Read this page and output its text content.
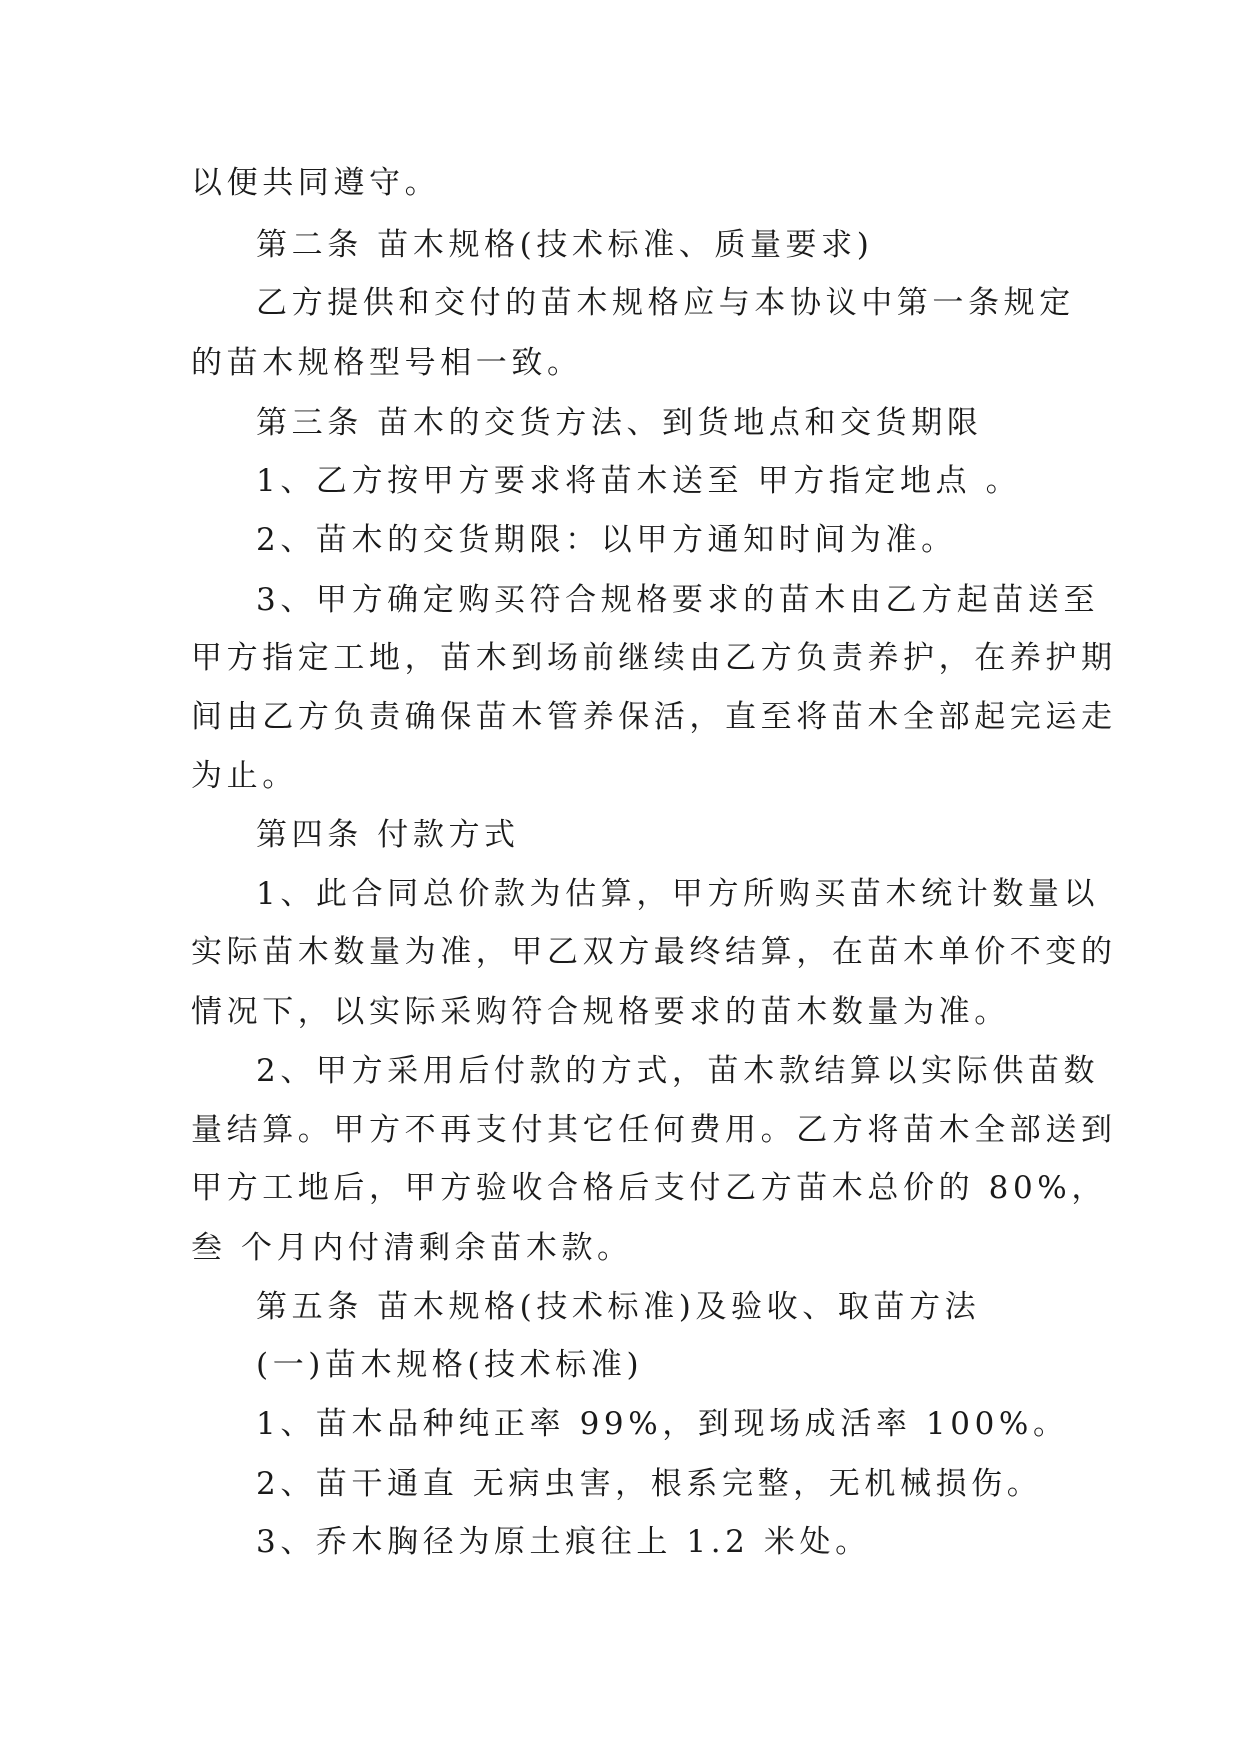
以便共同遵守。
第二条 苗木规格(技术标准、质量要求)
乙方提供和交付的苗木规格应与本协议中第一条规定
的苗木规格型号相一致。
第三条 苗木的交货方法、到货地点和交货期限
1、乙方按甲方要求将苗木送至 甲方指定地点 。
2、苗木的交货期限：以甲方通知时间为准。
3、甲方确定购买符合规格要求的苗木由乙方起苗送至
甲方指定工地，苗木到场前继续由乙方负责养护，在养护期
间由乙方负责确保苗木管养保活，直至将苗木全部起完运走
为止。
第四条 付款方式
1、此合同总价款为估算，甲方所购买苗木统计数量以
实际苗木数量为准，甲乙双方最终结算，在苗木单价不变的
情况下，以实际采购符合规格要求的苗木数量为准。
2、甲方采用后付款的方式，苗木款结算以实际供苗数
量结算。甲方不再支付其它任何费用。乙方将苗木全部送到
甲方工地后，甲方验收合格后支付乙方苗木总价的 80%，
叁 个月内付清剩余苗木款。
第五条 苗木规格(技术标准)及验收、取苗方法
(一)苗木规格(技术标准)
1、苗木品种纯正率 99%，到现场成活率 100%。
2、苗干通直 无病虫害，根系完整，无机械损伤。
3、乔木胸径为原土痕往上 1.2 米处。
